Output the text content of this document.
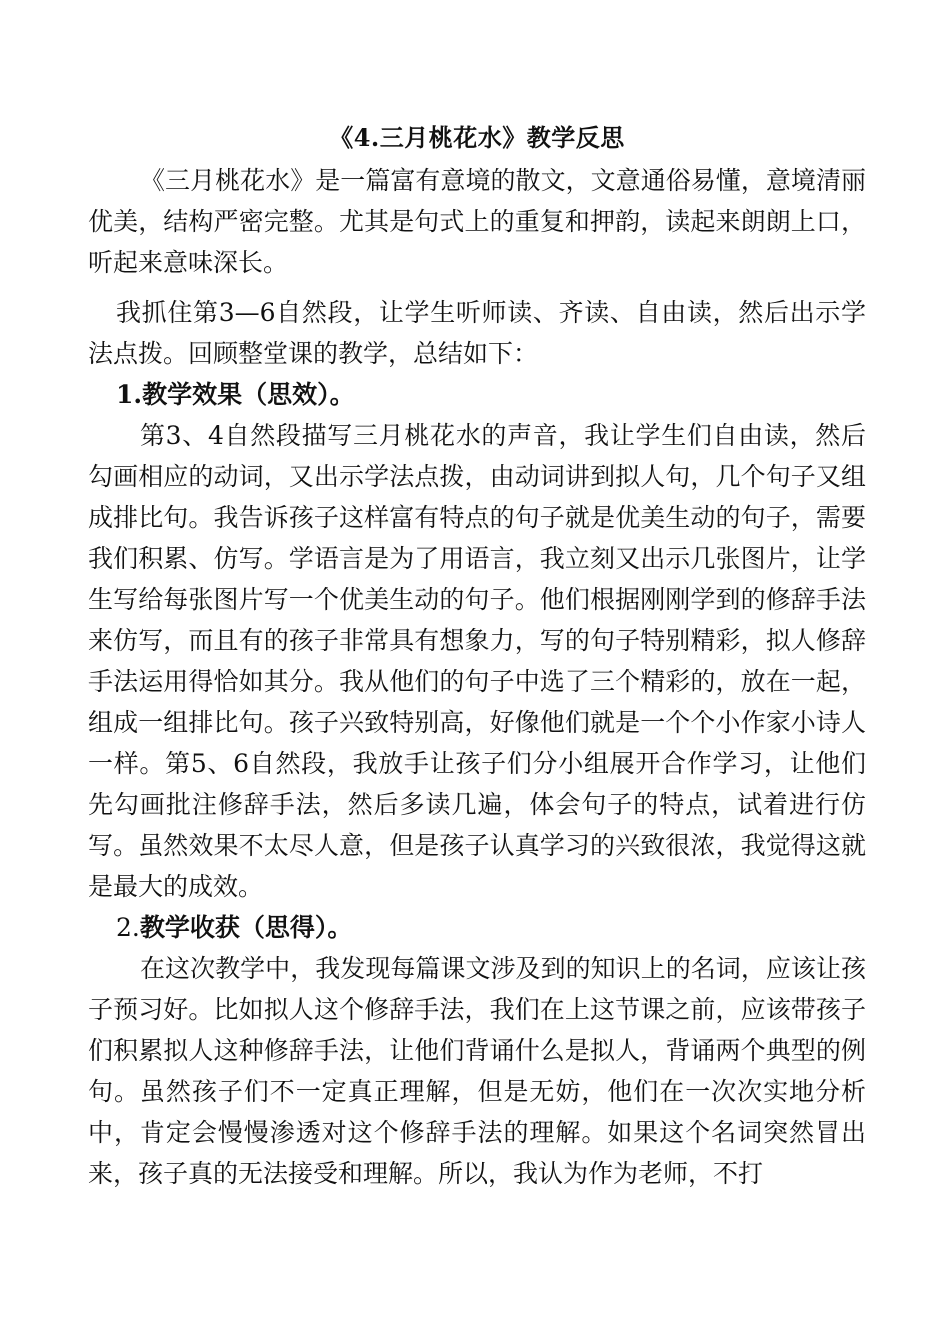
《4.三月桃花水》教学反思

《三月桃花水》是一篇富有意境的散文，文意通俗易懂，意境清丽优美，结构严密完整。尤其是句式上的重复和押韵，读起来朗朗上口，听起来意味深长。

我抓住第3—6自然段，让学生听师读、齐读、自由读，然后出示学法点拨。回顾整堂课的教学，总结如下：

1.教学效果（思效）。

第3、4自然段描写三月桃花水的声音，我让学生们自由读，然后勾画相应的动词，又出示学法点拨，由动词讲到拟人句，几个句子又组成排比句。我告诉孩子这样富有特点的句子就是优美生动的句子，需要我们积累、仿写。学语言是为了用语言，我立刻又出示几张图片，让学生写给每张图片写一个优美生动的句子。他们根据刚刚学到的修辞手法来仿写，而且有的孩子非常具有想象力，写的句子特别精彩，拟人修辞手法运用得恰如其分。我从他们的句子中选了三个精彩的，放在一起，组成一组排比句。孩子兴致特别高，好像他们就是一个个小作家小诗人一样。第5、6自然段，我放手让孩子们分小组展开合作学习，让他们先勾画批注修辞手法，然后多读几遍，体会句子的特点，试着进行仿写。虽然效果不太尽人意，但是孩子认真学习的兴致很浓，我觉得这就是最大的成效。

2.教学收获（思得）。

在这次教学中，我发现每篇课文涉及到的知识上的名词，应该让孩子预习好。比如拟人这个修辞手法，我们在上这节课之前，应该带孩子们积累拟人这种修辞手法，让他们背诵什么是拟人，背诵两个典型的例句。虽然孩子们不一定真正理解，但是无妨，他们在一次次实地分析中，肯定会慢慢渗透对这个修辞手法的理解。如果这个名词突然冒出来，孩子真的无法接受和理解。所以，我认为作为老师，不打
